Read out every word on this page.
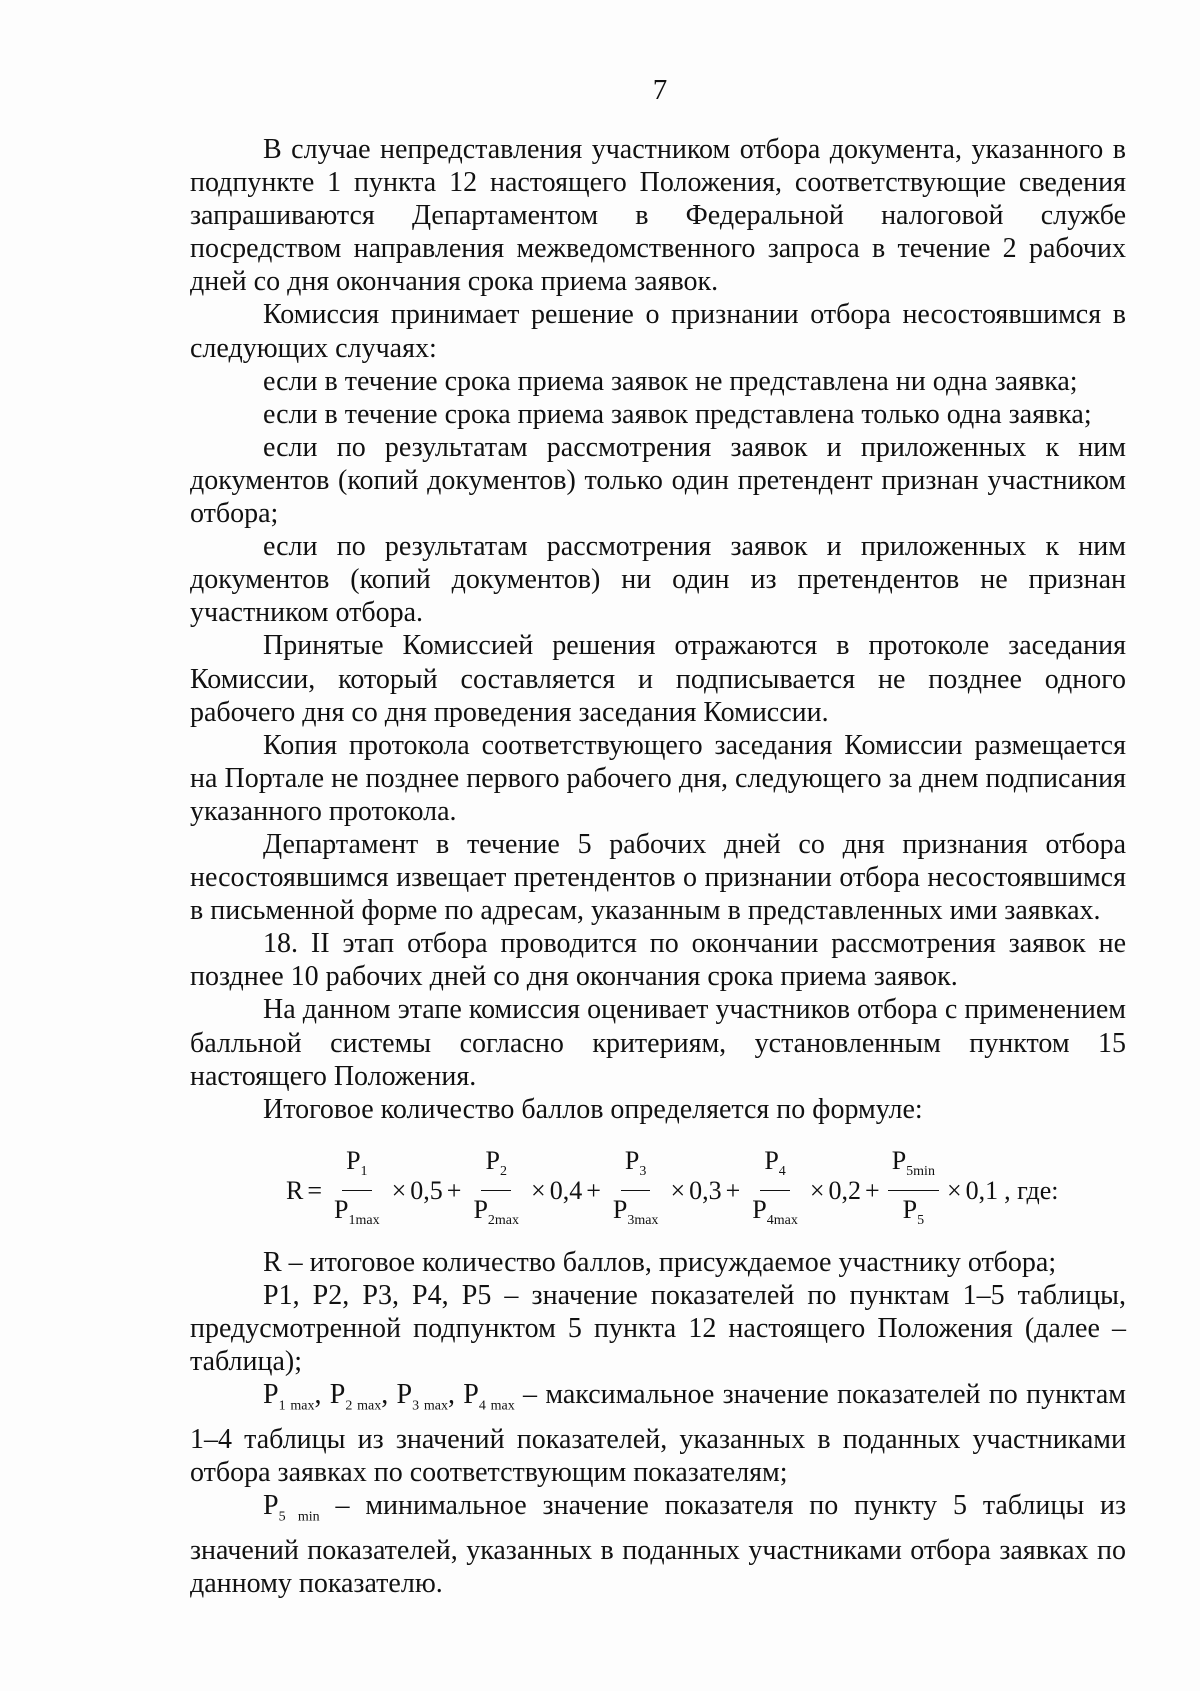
7

В случае непредставления участником отбора документа, указанного в подпункте 1 пункта 12 настоящего Положения, соответствующие сведения запрашиваются Департаментом в Федеральной налоговой службе посредством направления межведомственного запроса в течение 2 рабочих дней со дня окончания срока приема заявок.

Комиссия принимает решение о признании отбора несостоявшимся в следующих случаях:

если в течение срока приема заявок не представлена ни одна заявка;

если в течение срока приема заявок представлена только одна заявка;

если по результатам рассмотрения заявок и приложенных к ним документов (копий документов) только один претендент признан участником отбора;

если по результатам рассмотрения заявок и приложенных к ним документов (копий документов) ни один из претендентов не признан участником отбора.

Принятые Комиссией решения отражаются в протоколе заседания Комиссии, который составляется и подписывается не позднее одного рабочего дня со дня проведения заседания Комиссии.

Копия протокола соответствующего заседания Комиссии размещается на Портале не позднее первого рабочего дня, следующего за днем подписания указанного протокола.

Департамент в течение 5 рабочих дней со дня признания отбора несостоявшимся извещает претендентов о признании отбора несостоявшимся в письменной форме по адресам, указанным в представленных ими заявках.

18. II этап отбора проводится по окончании рассмотрения заявок не позднее 10 рабочих дней со дня окончания срока приема заявок.

На данном этапе комиссия оценивает участников отбора с применением балльной системы согласно критериям, установленным пунктом 15 настоящего Положения.

Итоговое количество баллов определяется по формуле:

$R = \frac{P_1}{P_{1max}} \times 0,5 + \frac{P_2}{P_{2max}} \times 0,4 + \frac{P_3}{P_{3max}} \times 0,3 + \frac{P_4}{P_{4max}} \times 0,2 + \frac{P_{5min}}{P_5} \times 0,1$ , где:

R – итоговое количество баллов, присуждаемое участнику отбора;

P1, P2, P3, P4, P5 – значение показателей по пунктам 1–5 таблицы, предусмотренной подпунктом 5 пункта 12 настоящего Положения (далее – таблица);

$P_1$ $_{max}$, $P_2$ $_{max}$, $P_3$ $_{max}$, $P_4$ $_{max}$ – максимальное значение показателей по пунктам 1–4 таблицы из значений показателей, указанных в поданных участниками отбора заявках по соответствующим показателям;

$P_5$ $_{min}$ – минимальное значение показателя по пункту 5 таблицы из значений показателей, указанных в поданных участниками отбора заявках по данному показателю.
